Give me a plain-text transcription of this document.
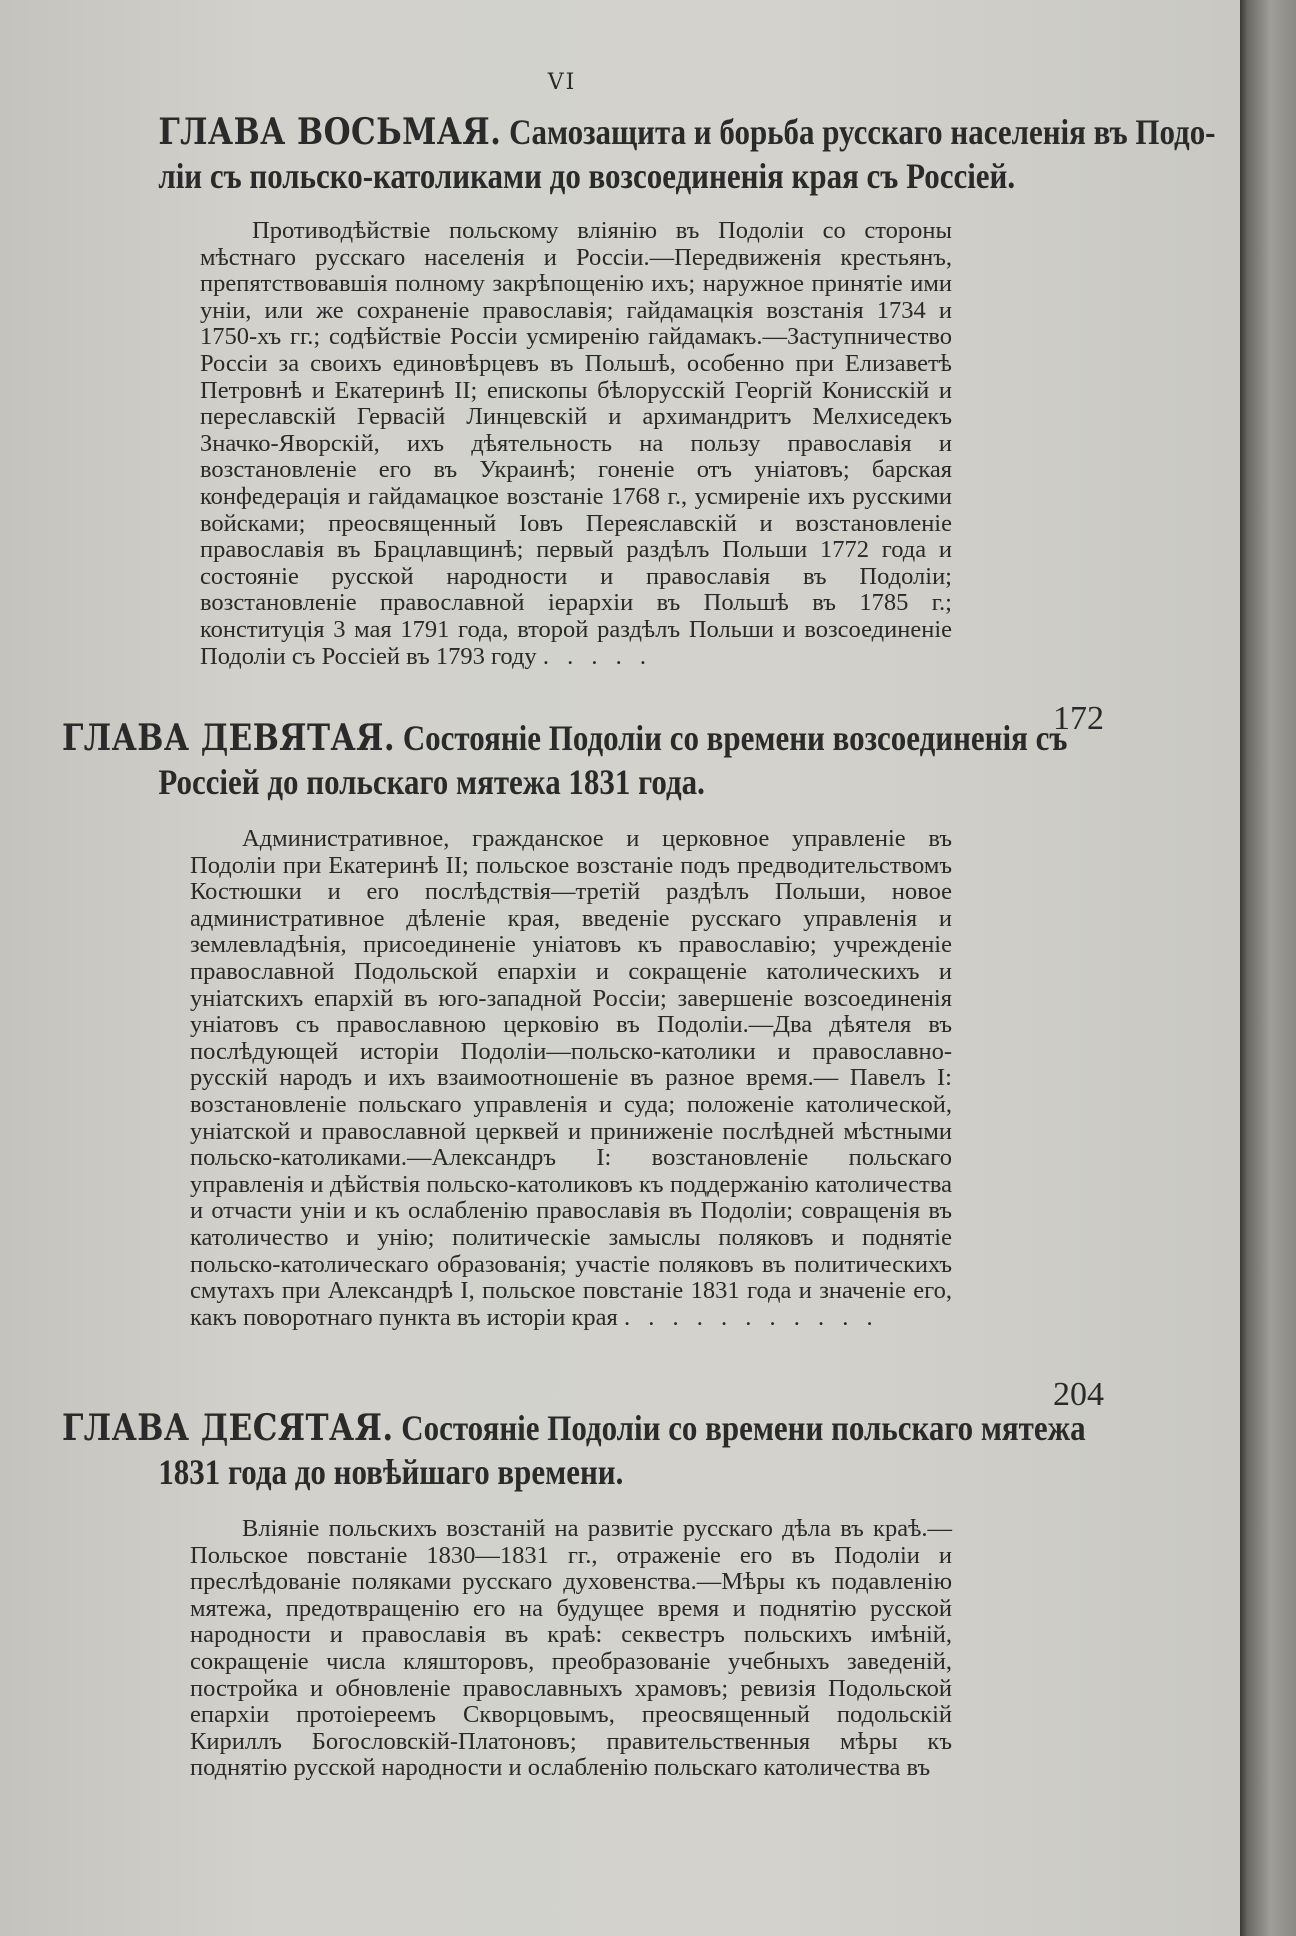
VI
ГЛАВА ВОСЬМАЯ. Самозащита и борьба русскаго населенія въ Подо-
ліи съ польско-католиками до возсоединенія края съ Россіей.

Противодѣйствіе польскому вліянію въ Подоліи со стороны мѣстнаго русскаго населенія и Россіи.—Передвиженія крестьянъ, препятствовавшія полному закрѣпощенію ихъ; наружное принятіе ими уніи, или же сохраненіе православія; гайдамацкія возстанія 1734 и 1750-хъ гг.; содѣйствіе Россіи усмиренію гайдамакъ.—Заступничество Россіи за своихъ единовѣрцевъ въ Польшѣ, особенно при Елизаветѣ Петровнѣ и Екатеринѣ II; епископы бѣлорусскій Георгій Конисскій и переславскій Гервасій Линцевскій и архимандритъ Мелхиседекъ Значко-Яворскій, ихъ дѣятельность на пользу православія и возстановленіе его въ Украинѣ; гоненіе отъ уніатовъ; барская конфедерація и гайдамацкое возстаніе 1768 г., усмиреніе ихъ русскими войсками; преосвященный Іовъ Переяславскій и возстановленіе православія въ Брацлавщинѣ; первый раздѣлъ Польши 1772 года и состояніе русской народности и православія въ Подоліи; возстановленіе православной іерархіи въ Польшѣ въ 1785 г.; конституція 3 мая 1791 года, второй раздѣлъ Польши и возсоединеніе Подоліи съ Россіей въ 1793 году . . . . .

172
ГЛАВА ДЕВЯТАЯ. Состояніе Подоліи со времени возсоединенія съ
Россіей до польскаго мятежа 1831 года.

Административное, гражданское и церковное управленіе въ Подоліи при Екатеринѣ II; польское возстаніе подъ предводительствомъ Костюшки и его послѣдствія—третій раздѣлъ Польши, новое административное дѣленіе края, введеніе русскаго управленія и землевладѣнія, присоединеніе уніатовъ къ православію; учрежденіе православной Подольской епархіи и сокращеніе католическихъ и уніатскихъ епархій въ юго-западной Россіи; завершеніе возсоединенія уніатовъ съ православною церковію въ Подоліи.—Два дѣятеля въ послѣдующей исторіи Подоліи—польско-католики и православно-русскій народъ и ихъ взаимоотношеніе въ разное время.— Павелъ I: возстановленіе польскаго управленія и суда; положеніе католической, уніатской и православной церквей и приниженіе послѣдней мѣстными польско-католиками.—Александръ I: возстановленіе польскаго управленія и дѣйствія польско-католиковъ къ поддержанію католичества и отчасти уніи и къ ослабленію православія въ Подоліи; совращенія въ католичество и унію; политическіе замыслы поляковъ и поднятіе польско-католическаго образованія; участіе поляковъ въ политическихъ смутахъ при Александрѣ I, польское повстаніе 1831 года и значеніе его, какъ поворотнаго пункта въ исторіи края . . . . . . . . . . .

204
ГЛАВА ДЕСЯТАЯ. Состояніе Подоліи со времени польскаго мятежа
1831 года до новѣйшаго времени.

Вліяніе польскихъ возстаній на развитіе русскаго дѣла въ краѣ.—Польское повстаніе 1830—1831 гг., отраженіе его въ Подоліи и преслѣдованіе поляками русскаго духовенства.—Мѣры къ подавленію мятежа, предотвращенію его на будущее время и поднятію русской народности и православія въ краѣ: секвестръ польскихъ имѣній, сокращеніе числа кляшторовъ, преобразованіе учебныхъ заведеній, постройка и обновленіе православныхъ храмовъ; ревизія Подольской епархіи протоіереемъ Скворцовымъ, преосвященный подольскій Кириллъ Богословскій-Платоновъ; правительственныя мѣры къ поднятію русской народности и ослабленію польскаго католичества въ
